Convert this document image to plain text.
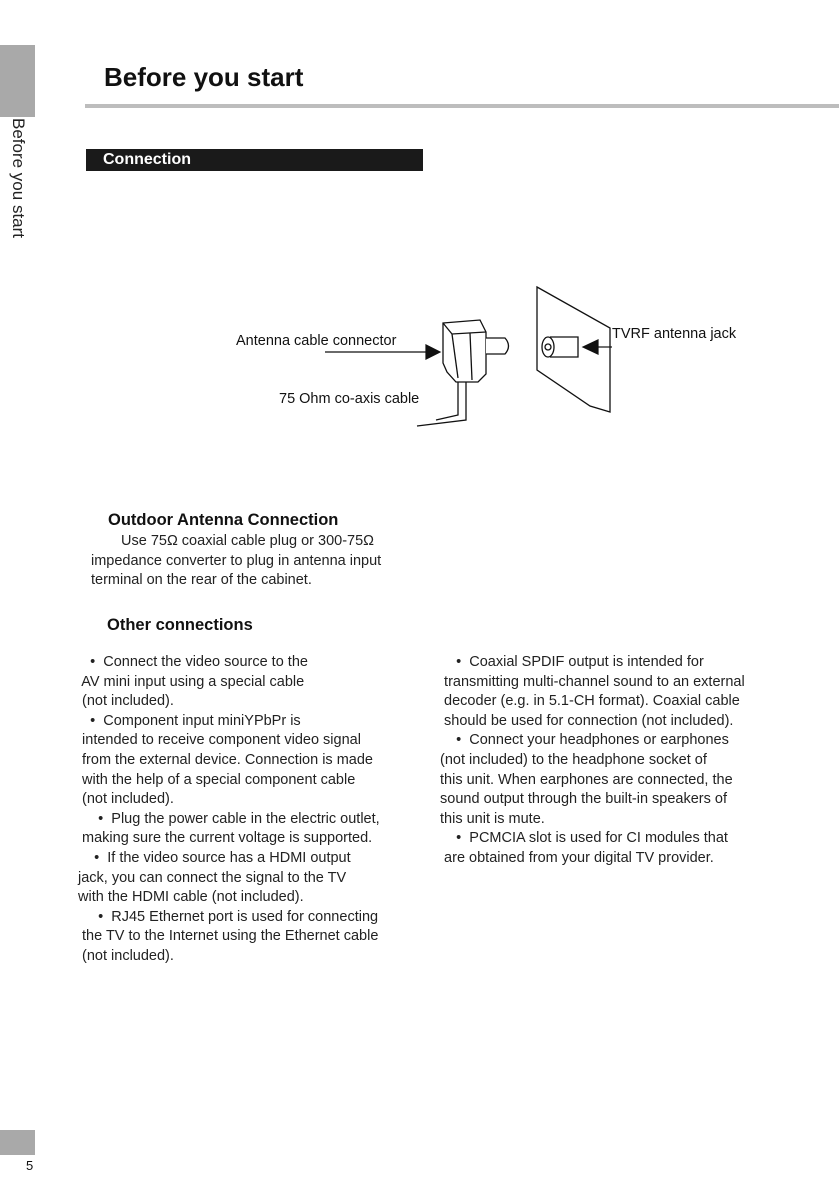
Before you start
Before you start
Connection
Antenna cable connector
75 Ohm co-axis cable
TVRF antenna jack
Outdoor Antenna Connection

Use 75Ω coaxial cable plug or 300-75Ω

impedance converter to plug in antenna input

terminal on the rear of the cabinet.

Other connections

•  Connect the video source to the

AV mini input using a special cable

(not included).

•  Component input miniYPbPr is

intended to receive component video signal

from the external device. Connection is made

with the help of a special component cable

(not included).

•  Plug the power cable in the electric outlet,

making sure the current voltage is supported.

•  If the video source has a HDMI output

jack, you can connect the signal to the TV

with the HDMI cable (not included).

•  RJ45 Ethernet port is used for connecting

the TV to the Internet using the Ethernet cable

(not included).

•  Coaxial SPDIF output is intended for

transmitting multi-channel sound to an external

decoder (e.g. in 5.1-CH format). Coaxial cable

should be used for connection (not included).

•  Connect your headphones or earphones

(not included) to the headphone socket of

this unit. When earphones are connected, the

sound output through the built-in speakers of

this unit is mute.

•  PCMCIA slot is used for CI modules that

are obtained from your digital TV provider.

5
